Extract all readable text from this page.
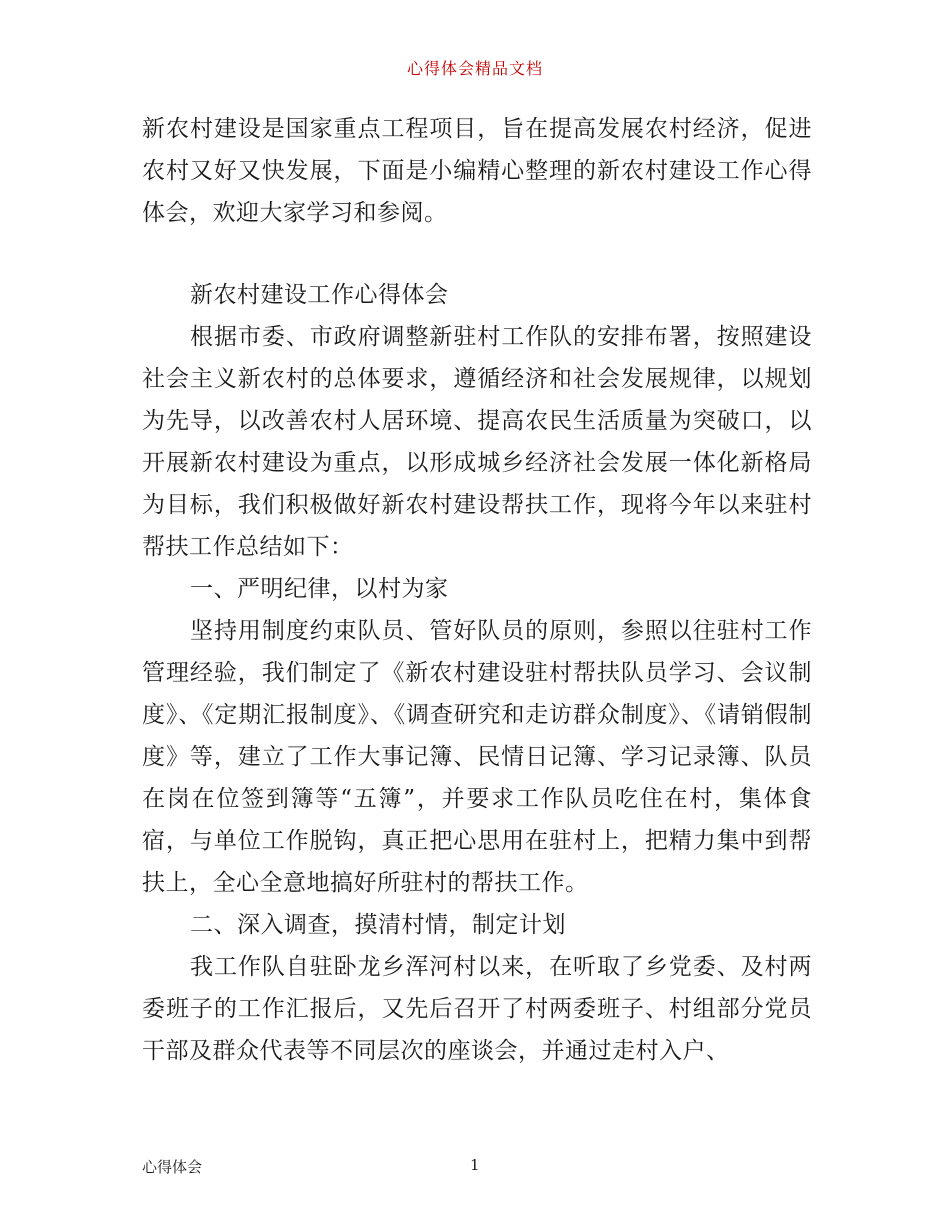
心得体会精品文档

新农村建设是国家重点工程项目，旨在提高发展农村经济，促进农村又好又快发展，下面是小编精心整理的新农村建设工作心得体会，欢迎大家学习和参阅。

新农村建设工作心得体会

根据市委、市政府调整新驻村工作队的安排布署，按照建设社会主义新农村的总体要求，遵循经济和社会发展规律，以规划为先导，以改善农村人居环境、提高农民生活质量为突破口，以开展新农村建设为重点，以形成城乡经济社会发展一体化新格局为目标，我们积极做好新农村建设帮扶工作，现将今年以来驻村帮扶工作总结如下：

一、严明纪律，以村为家

坚持用制度约束队员、管好队员的原则，参照以往驻村工作管理经验，我们制定了《新农村建设驻村帮扶队员学习、会议制度》、《定期汇报制度》、《调查研究和走访群众制度》、《请销假制度》等，建立了工作大事记簿、民情日记簿、学习记录簿、队员在岗在位签到簿等“五簿”，并要求工作队员吃住在村，集体食宿，与单位工作脱钩，真正把心思用在驻村上，把精力集中到帮扶上，全心全意地搞好所驻村的帮扶工作。

二、深入调查，摸清村情，制定计划

我工作队自驻卧龙乡浑河村以来，在听取了乡党委、及村两委班子的工作汇报后，又先后召开了村两委班子、村组部分党员干部及群众代表等不同层次的座谈会，并通过走村入户、

心得体会	1
